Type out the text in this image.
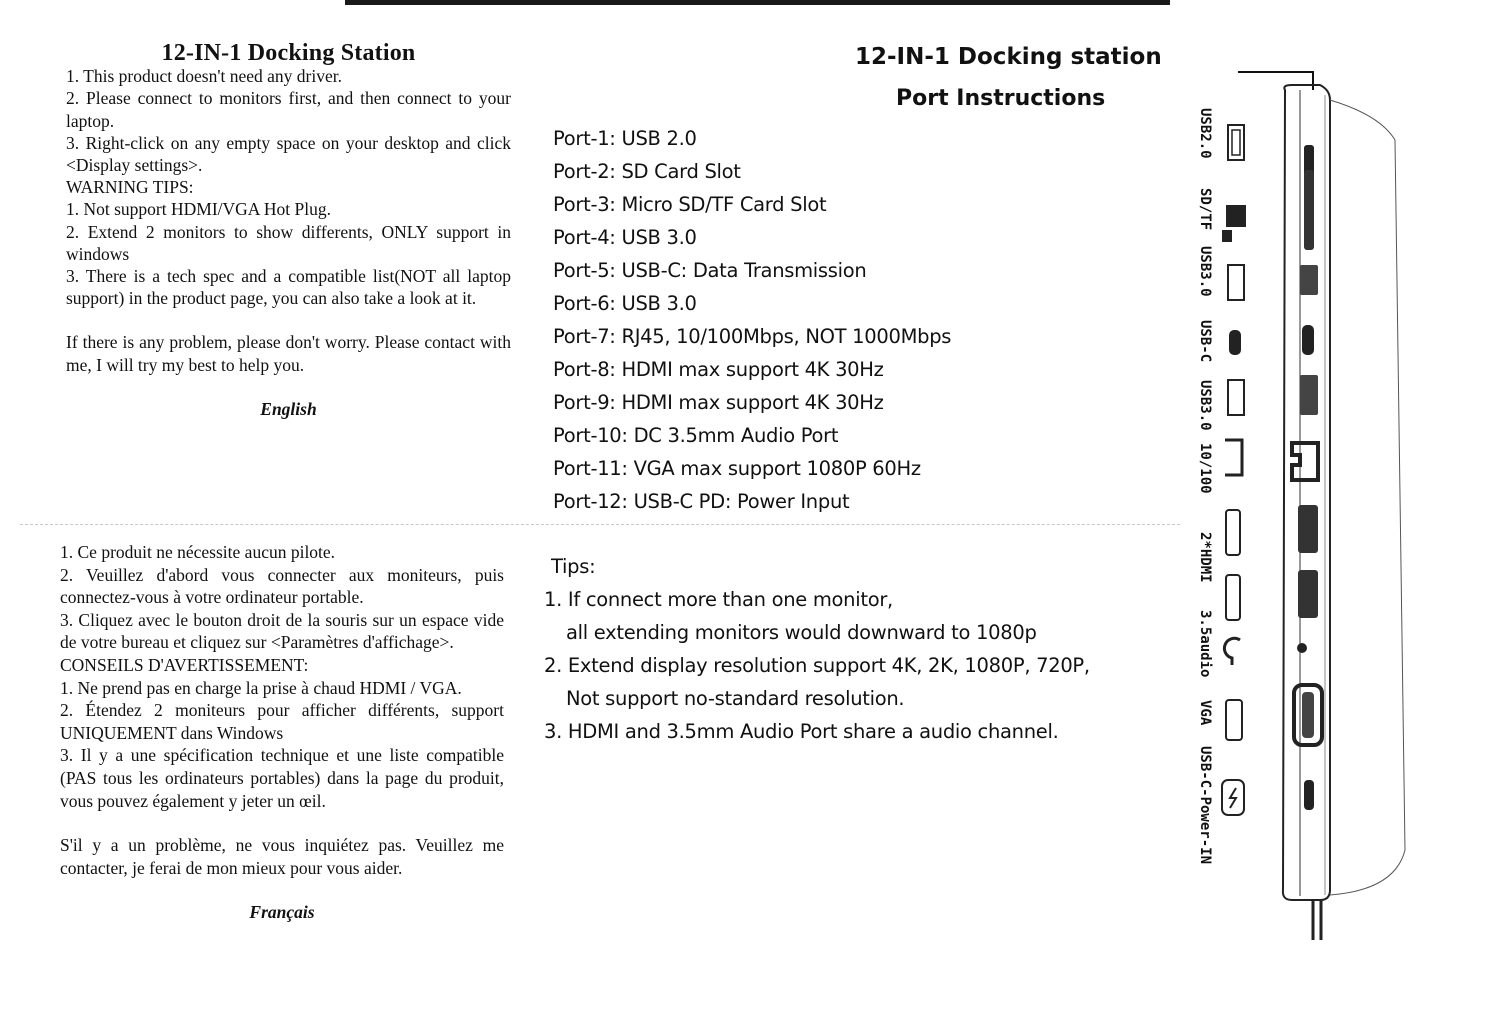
12-IN-1 Docking Station

1. This product doesn't need any driver.

2. Please connect to monitors first, and then connect to your laptop.

3. Right-click on any empty space on your desktop and click <Display settings>.

WARNING TIPS:

1. Not support HDMI/VGA Hot Plug.

2. Extend 2 monitors to show differents, ONLY support in windows

3. There is a tech spec and a compatible list(NOT all laptop support) in the product page, you can also take a look at it.

If there is any problem, please don't worry. Please contact with me, I will try my best to help you.

English

1. Ce produit ne nécessite aucun pilote.

2. Veuillez d'abord vous connecter aux moniteurs, puis connectez-vous à votre ordinateur portable.

3. Cliquez avec le bouton droit de la souris sur un espace vide de votre bureau et cliquez sur <Paramètres d'affichage>.

CONSEILS D'AVERTISSEMENT:

1. Ne prend pas en charge la prise à chaud HDMI / VGA.

2. Étendez 2 moniteurs pour afficher différents, support UNIQUEMENT dans Windows

3. Il y a une spécification technique et une liste compatible (PAS tous les ordinateurs portables) dans la page du produit, vous pouvez également y jeter un œil.

S'il y a un problème, ne vous inquiétez pas. Veuillez me contacter, je ferai de mon mieux pour vous aider.

Français
12-IN-1 Docking station
Port Instructions
Port-1: USB 2.0
Port-2: SD Card Slot
Port-3: Micro SD/TF Card Slot
Port-4: USB 3.0
Port-5: USB-C: Data Transmission
Port-6: USB 3.0
Port-7: RJ45, 10/100Mbps, NOT 1000Mbps
Port-8: HDMI max support 4K 30Hz
Port-9: HDMI max support 4K 30Hz
Port-10: DC 3.5mm Audio Port
Port-11: VGA max support 1080P 60Hz
Port-12: USB-C PD: Power Input
Tips:
1. If connect more than one monitor,
all extending monitors would downward to 1080p
2. Extend display resolution support 4K, 2K, 1080P, 720P,
Not support no-standard resolution.
3. HDMI and 3.5mm Audio Port share a audio channel.
USB2.0
SD/TF
USB3.0
USB-C
USB3.0
10/100
2*HDMI
3.5audio
VGA
USB-C-Power-IN
